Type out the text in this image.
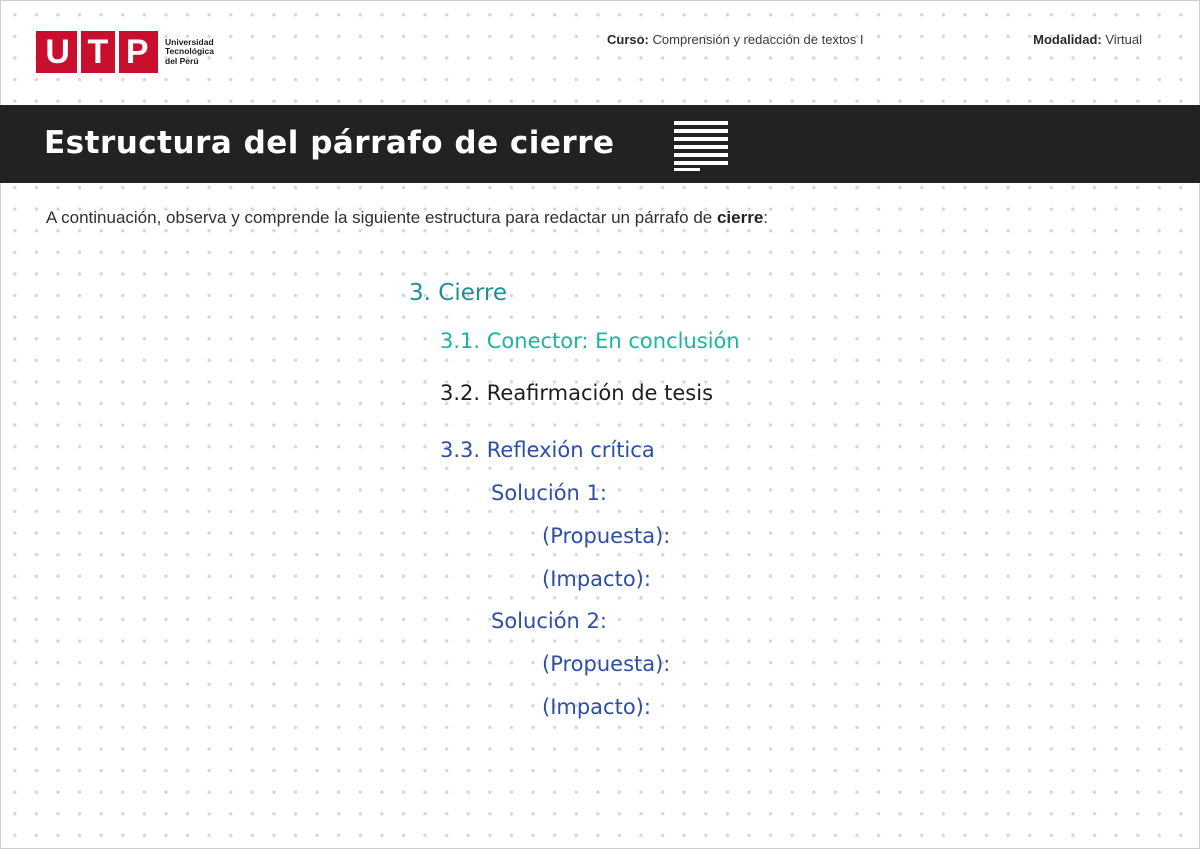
U T P Universidad
Tecnológica
del Perú
Curso: Comprensión y redacción de textos I	Modalidad: Virtual
Estructura del párrafo de cierre
A continuación, observa y comprende la siguiente estructura para redactar un párrafo de cierre:
3. Cierre
3.1. Conector: En conclusión
3.2. Reafirmación de tesis
3.3. Reflexión crítica
Solución 1:
(Propuesta):
(Impacto):
Solución 2:
(Propuesta):
(Impacto):
